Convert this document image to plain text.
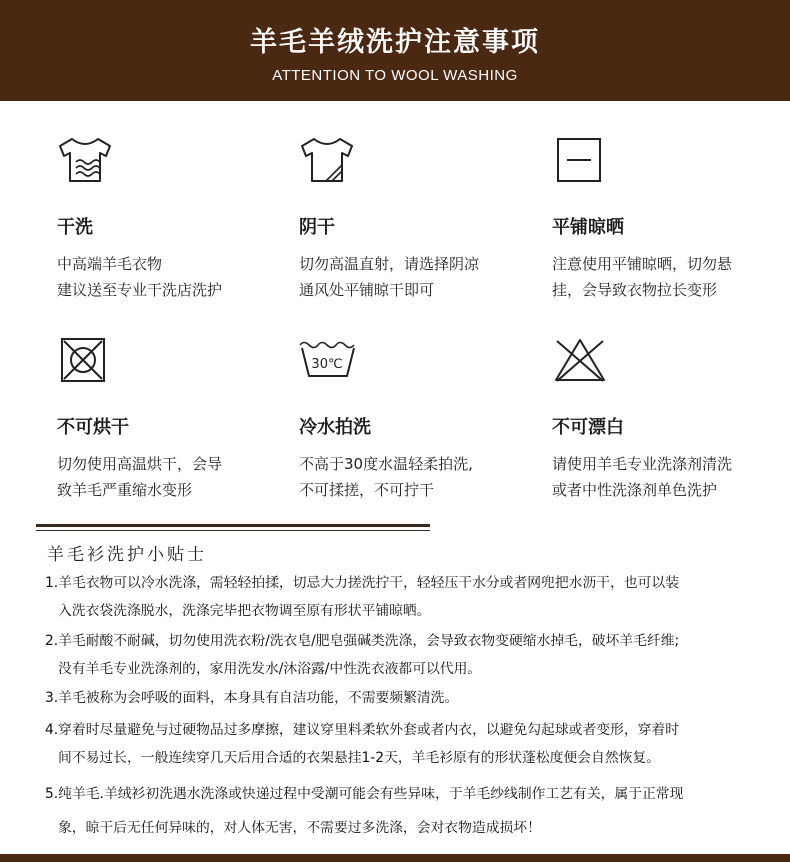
羊毛羊绒洗护注意事项
ATTENTION TO WOOL WASHING
干洗
中高端羊毛衣物
建议送至专业干洗店洗护
阴干
切勿高温直射，请选择阴凉
通风处平铺晾干即可
平铺晾晒
注意使用平铺晾晒，切勿悬
挂，会导致衣物拉长变形
不可烘干
切勿使用高温烘干，会导
致羊毛严重缩水变形
30℃
冷水拍洗
不高于30度水温轻柔拍洗,
不可揉搓，不可拧干
不可漂白
请使用羊毛专业洗涤剂清洗
或者中性洗涤剂单色洗护
羊毛衫洗护小贴士
1.羊毛衣物可以冷水洗涤，需轻轻拍揉，切忌大力搓洗拧干，轻轻压干水分或者网兜把水沥干，也可以装
入洗衣袋洗涤脱水，洗涤完毕把衣物调至原有形状平铺晾晒。
2.羊毛耐酸不耐碱，切勿使用洗衣粉/洗衣皂/肥皂强碱类洗涤，会导致衣物变硬缩水掉毛，破坏羊毛纤维;
没有羊毛专业洗涤剂的，家用洗发水/沐浴露/中性洗衣液都可以代用。
3.羊毛被称为会呼吸的面料，本身具有自洁功能，不需要频繁清洗。
4.穿着时尽量避免与过硬物品过多摩擦，建议穿里料柔软外套或者内衣，以避免勾起球或者变形，穿着时
间不易过长，一般连续穿几天后用合适的衣架悬挂1-2天，羊毛衫原有的形状蓬松度便会自然恢复。
5.纯羊毛.羊绒衫初洗遇水洗涤或快递过程中受潮可能会有些异味，于羊毛纱线制作工艺有关，属于正常现
象，晾干后无任何异味的，对人体无害，不需要过多洗涤，会对衣物造成损坏！
